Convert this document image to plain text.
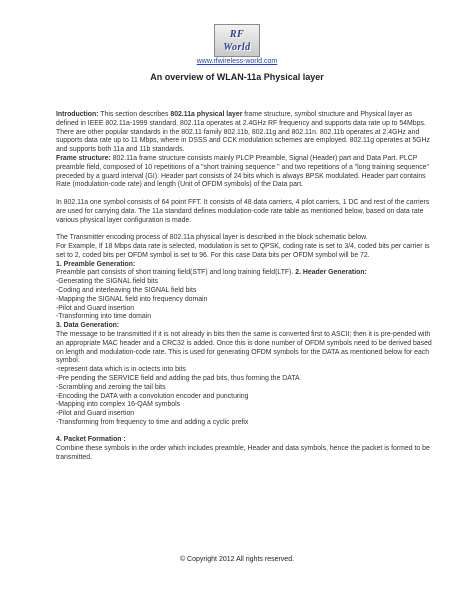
RF
World
www.rfwireless-world.com
An overview of WLAN-11a Physical layer

Introduction: This section describes 802.11a physical layer frame structure, symbol structure and Physical layer as defined in IEEE 802.11a-1999 standard. 802.11a operates at 2.4GHz RF frequency and supports data rate up to 54Mbps. There are other popular standards in the 802.11 family 802.11b, 802.11g and 802.11n. 802.11b operates at 2.4GHz and supports data rate up to 11 Mbps, where in DSSS and CCK modulation schemes are employed. 802.11g operates at 5GHz and supports both 11a and 11b standards.

Frame structure: 802.11a frame structure consists mainly PLCP Preamble, Signal (Header) part and Data Part. PLCP preamble field, composed of 10 repetitions of a "short training sequence " and two repetitions of a "long training sequence" preceded by a guard interval (GI). Header part consists of 24 bits which is always BPSK modulated. Header part contains Rate (modulation-code rate) and length (Unit of OFDM symbols) of the Data part.

In 802.11a one symbol consists of 64 point FFT. It consists of 48 data carriers, 4 pilot carriers, 1 DC and rest of the carriers are used for carrying data. The 11a standard defines modulation-code rate table as mentioned below, based on data rate various physical layer configuration is made.

The Transmitter encoding process of 802.11a physical layer is described in the block schematic below.

For Example, If 18 Mbps data rate is selected, modulation is set to QPSK, coding rate is set to 3/4, coded bits per carrier is set to 2, coded bits per OFDM symbol is set to 96. For this case Data bits per OFDM symbol will be 72.

1. Preamble Generation:

Preamble part consists of short training field(STF) and long training field(LTF). 2. Header Generation:

-Generating the SIGNAL field bits

-Coding and interleaving the SIGNAL field bits

-Mapping the SIGNAL field into frequency domain

-Pilot and Guard insertion

-Transforming into time domain

3. Data Generation:

The message to be transmitted if it is not already in bits then the same is converted first to ASCII; then it is pre-pended with an appropriate MAC header and a CRC32 is added. Once this is done number of OFDM symbols need to be derived based on length and modulation-code rate. This is used for generating OFDM symbols for the DATA as mentioned below for each symbol.

-represent data which is in octects into bits

-Pre pending the SERVICE field and adding the pad bits, thus forming the DATA

-Scrambling and zeroing the tail bits

-Encoding the DATA with a convolution encoder and puncturing

-Mapping into complex 16-QAM symbols

-Pilot and Guard insertion

-Transforming from frequency to time and adding a cyclic prefix

4. Packet Formation :

Combine these symbols in the order which includes preamble, Header and data symbols, hence the packet is formed to be transmitted.

© Copyright 2012 All rights reserved.
